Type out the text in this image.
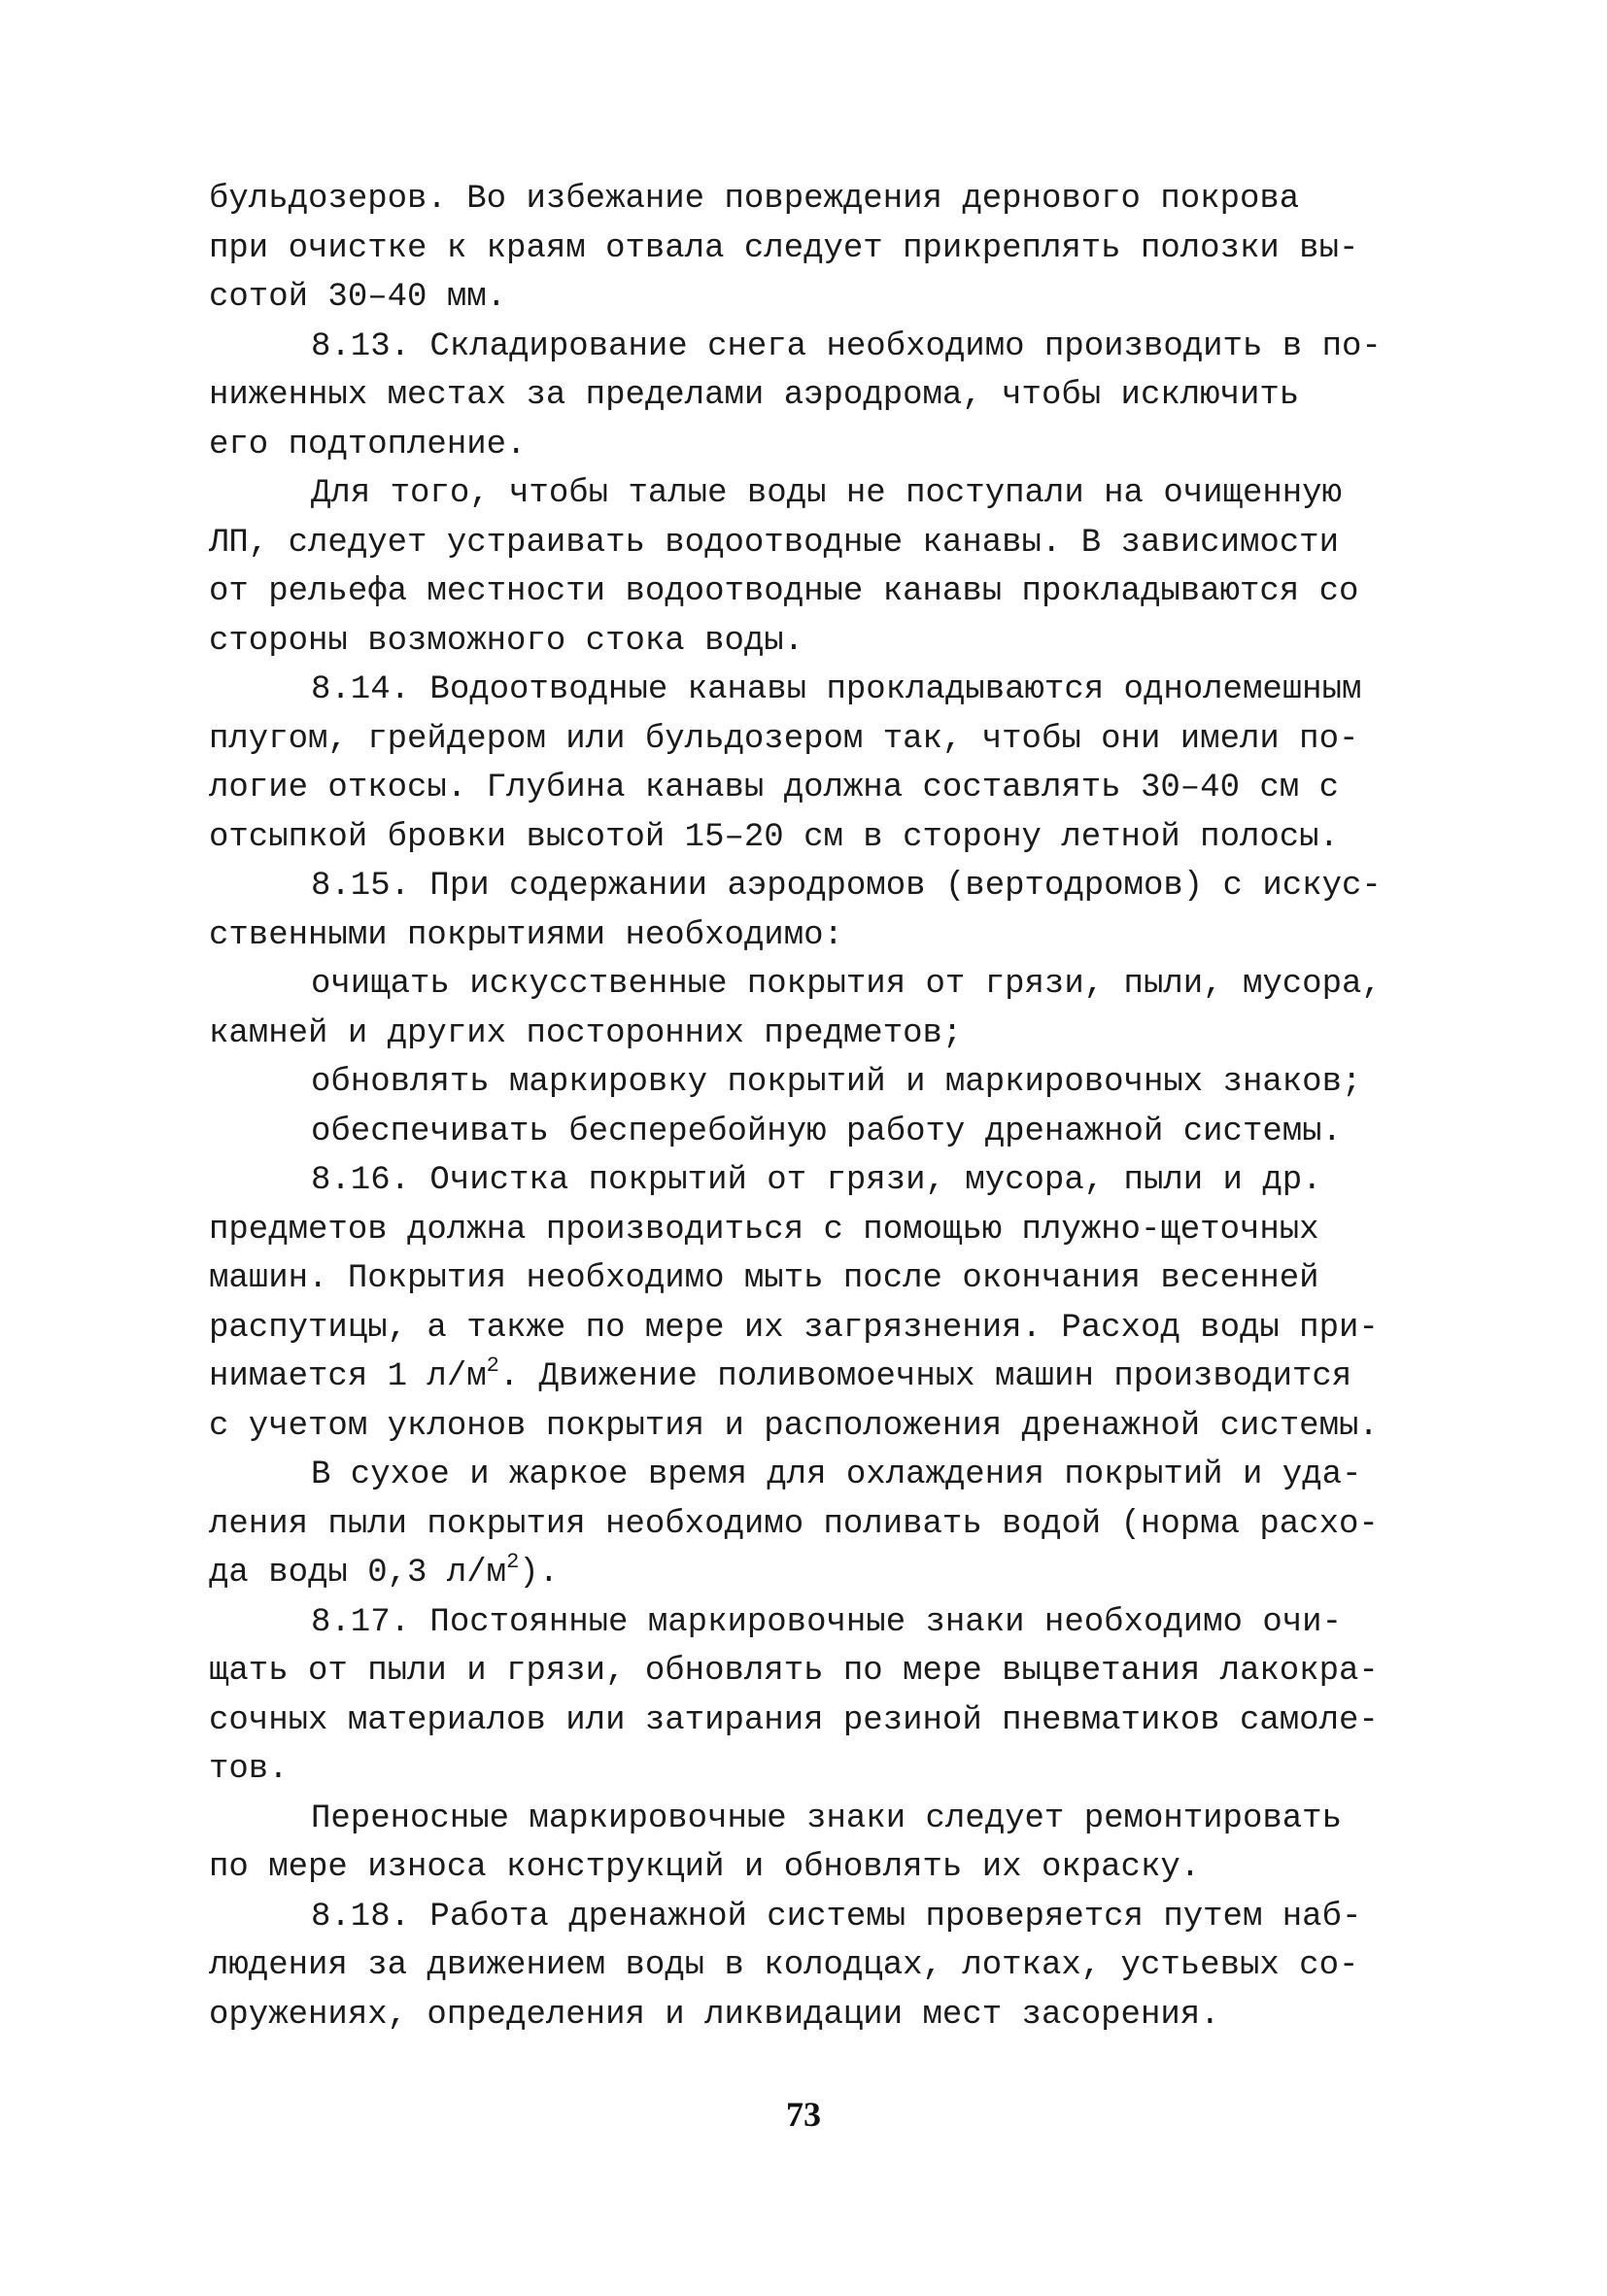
бульдозеров. Во избежание повреждения дернового покрова
при очистке к краям отвала следует прикреплять полозки вы-
сотой 30–40 мм.
8.13. Складирование снега необходимо производить в по-
ниженных местах за пределами аэродрома, чтобы исключить
его подтопление.
Для того, чтобы талые воды не поступали на очищенную
ЛП, следует устраивать водоотводные канавы. В зависимости
от рельефа местности водоотводные канавы прокладываются со
стороны возможного стока воды.
8.14. Водоотводные канавы прокладываются однолемешным
плугом, грейдером или бульдозером так, чтобы они имели по-
логие откосы. Глубина канавы должна составлять 30–40 см с
отсыпкой бровки высотой 15–20 см в сторону летной полосы.
8.15. При содержании аэродромов (вертодромов) с искус-
ственными покрытиями необходимо:
очищать искусственные покрытия от грязи, пыли, мусора,
камней и других посторонних предметов;
обновлять маркировку покрытий и маркировочных знаков;
обеспечивать бесперебойную работу дренажной системы.
8.16. Очистка покрытий от грязи, мусора, пыли и др.
предметов должна производиться с помощью плужно-щеточных
машин. Покрытия необходимо мыть после окончания весенней
распутицы, а также по мере их загрязнения. Расход воды при-
нимается 1 $л/м^2$. Движение поливомоечных машин производится
с учетом уклонов покрытия и расположения дренажной системы.
В сухое и жаркое время для охлаждения покрытий и уда-
ления пыли покрытия необходимо поливать водой (норма расхо-
да воды 0,3 $л/м^2$).
8.17. Постоянные маркировочные знаки необходимо очи-
щать от пыли и грязи, обновлять по мере выцветания лакокра-
сочных материалов или затирания резиной пневматиков самоле-
тов.
Переносные маркировочные знаки следует ремонтировать
по мере износа конструкций и обновлять их окраску.
8.18. Работа дренажной системы проверяется путем наб-
людения за движением воды в колодцах, лотках, устьевых со-
оружениях, определения и ликвидации мест засорения.
73
